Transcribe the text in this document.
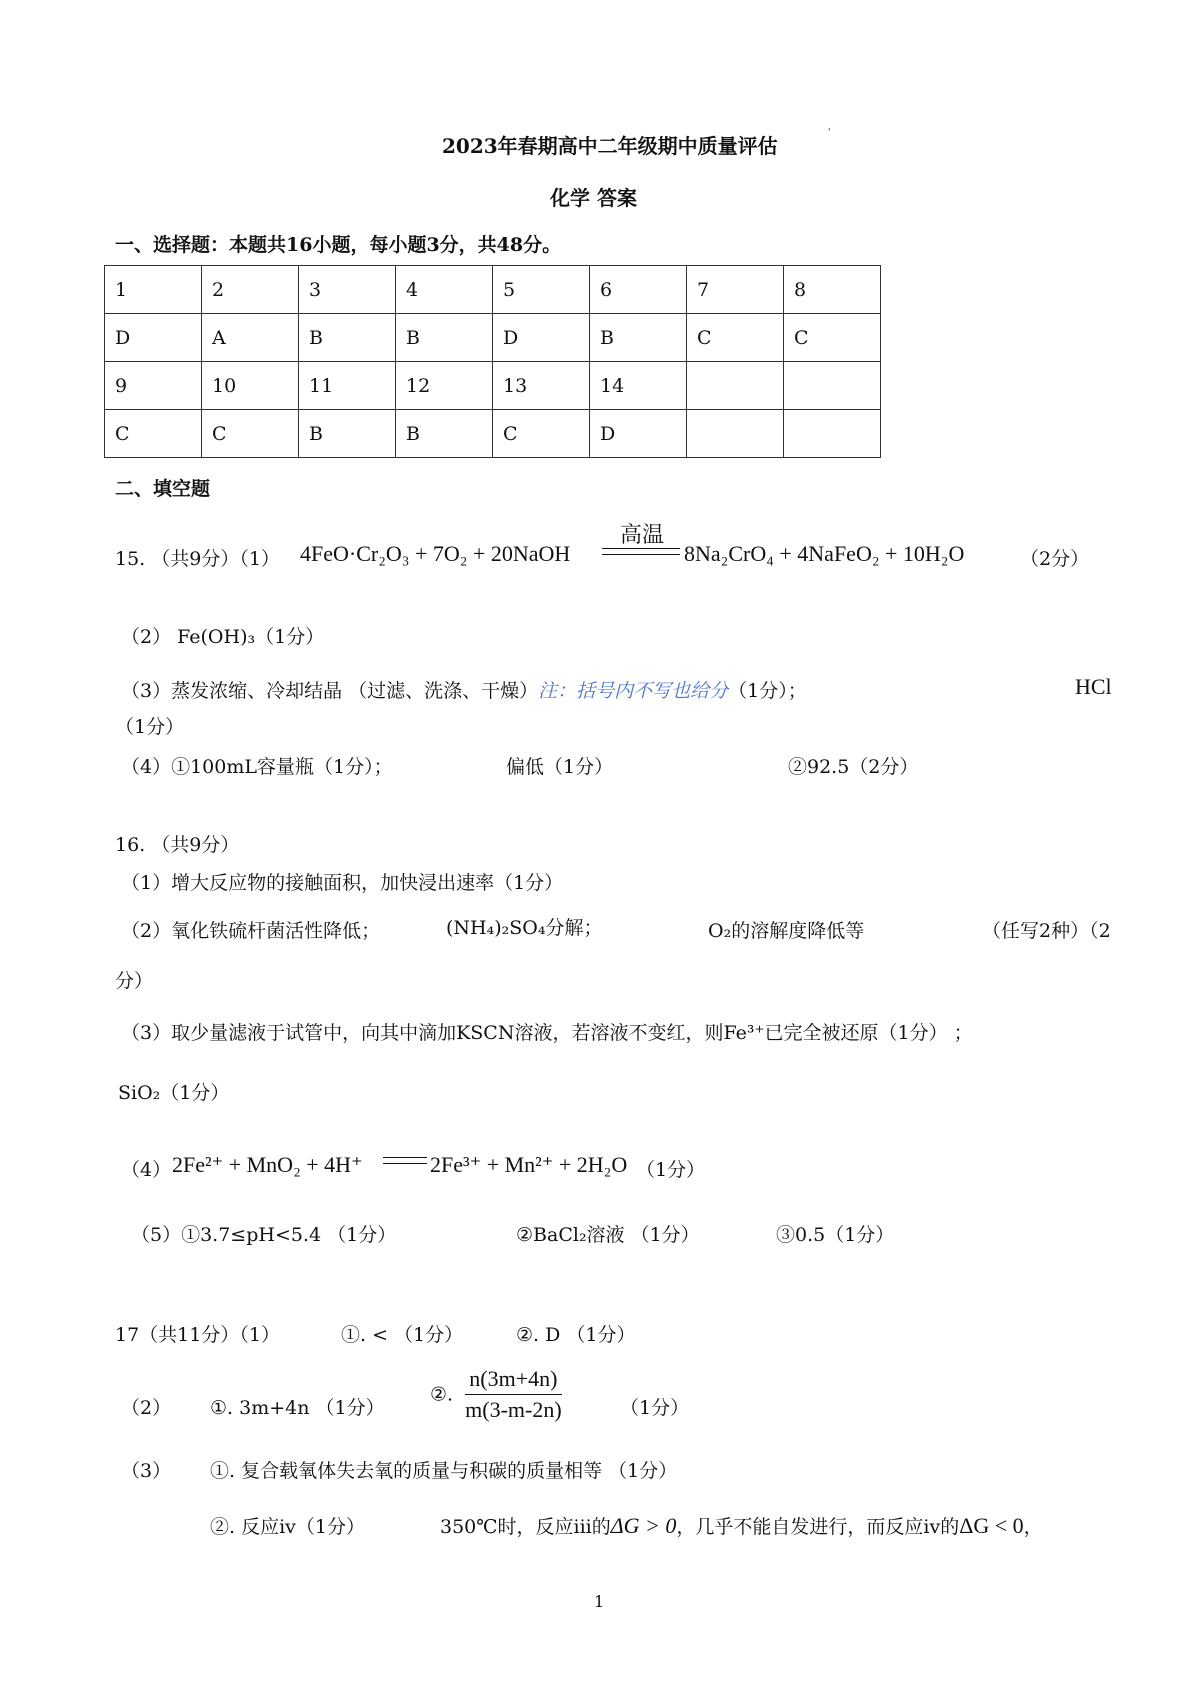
2023年春期高中二年级期中质量评估
'
化学 答案
一、选择题：本题共16小题，每小题3分，共48分。
1	2	3	4	5	6	7	8
D	A	B	B	D	B	C	C
9	10	11	12	13	14		
C	C	B	B	C	D		
二、填空题
15. （共9分）（1） 4FeO·Cr₂O₃ + 7O₂ + 20NaOH
高温
8Na₂CrO₄ + 4NaFeO₂ + 10H₂O	（2分）
（2） Fe(OH)₃（1分）
（3）蒸发浓缩、冷却结晶 （过滤、洗涤、干燥）注：括号内不写也给分（1分）；	HCl
（1分）
（4）①100mL容量瓶（1分）；	偏低（1分）	②92.5（2分）
16. （共9分）
（1）增大反应物的接触面积，加快浸出速率（1分）
（2）氧化铁硫杆菌活性降低；	(NH₄)₂SO₄分解；	O₂的溶解度降低等	（任写2种）（2
分）
（3）取少量滤液于试管中，向其中滴加KSCN溶液，若溶液不变红，则Fe³⁺已完全被还原（1分） ；
SiO₂（1分）
（4） 2Fe²⁺ + MnO₂ + 4H⁺	2Fe³⁺ + Mn²⁺ + 2H₂O （1分）
（5）①3.7≤pH<5.4 （1分）	②BaCl₂溶液 （1分）	③0.5（1分）
17（共11分）（1）	①. < （1分）	②. D （1分）
（2） ①. 3m+4n （1分）
②. $\frac{n(3m+4n)}{m(3-m-2n)}$	（1分）
（3） ①. 复合载氧体失去氧的质量与积碳的质量相等 （1分）
②. 反应iv（1分）	350℃时，反应iii的ΔG > 0，几乎不能自发进行，而反应iv的ΔG < 0，
1
